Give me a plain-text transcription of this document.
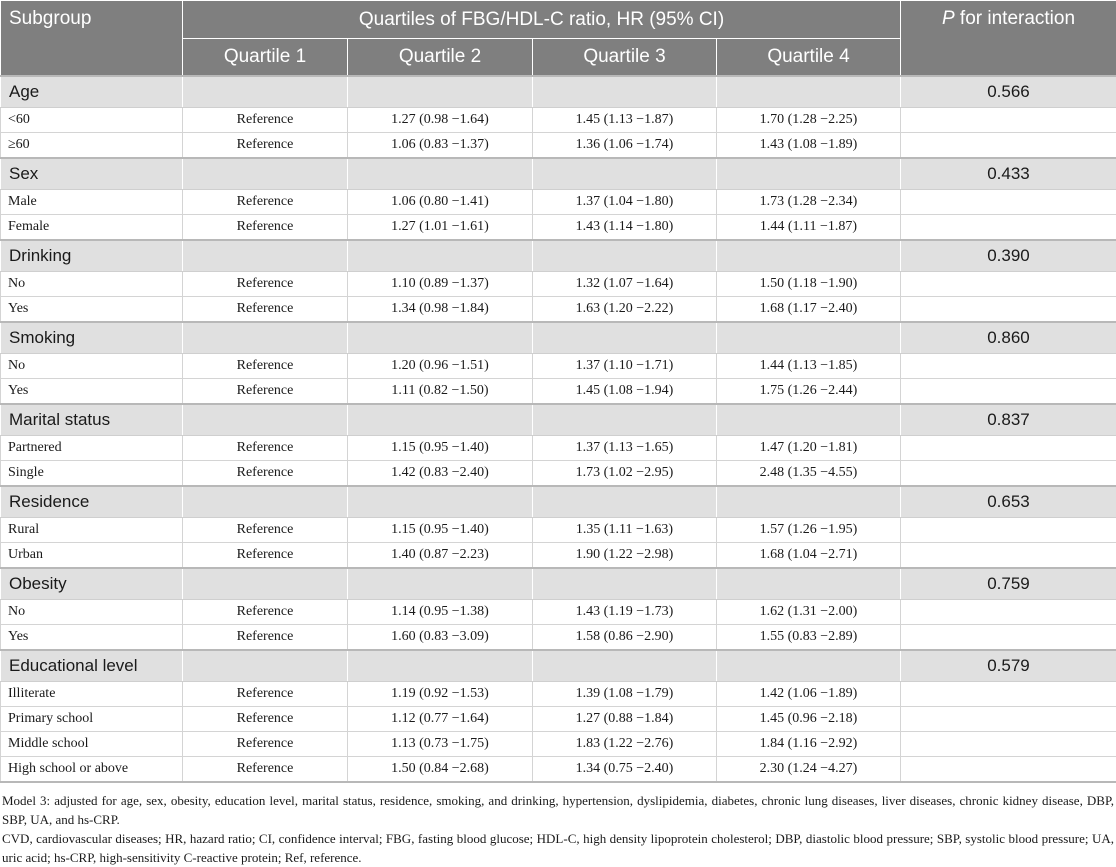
Subgroup	Quartiles of FBG/HDL-C ratio, HR (95% CI)				P for interaction
	Quartile 1	Quartile 2	Quartile 3	Quartile 4	
Age					0.566
<60	Reference	1.27 (0.98 −1.64)	1.45 (1.13 −1.87)	1.70 (1.28 −2.25)	
≥60	Reference	1.06 (0.83 −1.37)	1.36 (1.06 −1.74)	1.43 (1.08 −1.89)	
Sex					0.433
Male	Reference	1.06 (0.80 −1.41)	1.37 (1.04 −1.80)	1.73 (1.28 −2.34)	
Female	Reference	1.27 (1.01 −1.61)	1.43 (1.14 −1.80)	1.44 (1.11 −1.87)	
Drinking					0.390
No	Reference	1.10 (0.89 −1.37)	1.32 (1.07 −1.64)	1.50 (1.18 −1.90)	
Yes	Reference	1.34 (0.98 −1.84)	1.63 (1.20 −2.22)	1.68 (1.17 −2.40)	
Smoking					0.860
No	Reference	1.20 (0.96 −1.51)	1.37 (1.10 −1.71)	1.44 (1.13 −1.85)	
Yes	Reference	1.11 (0.82 −1.50)	1.45 (1.08 −1.94)	1.75 (1.26 −2.44)	
Marital status					0.837
Partnered	Reference	1.15 (0.95 −1.40)	1.37 (1.13 −1.65)	1.47 (1.20 −1.81)	
Single	Reference	1.42 (0.83 −2.40)	1.73 (1.02 −2.95)	2.48 (1.35 −4.55)	
Residence					0.653
Rural	Reference	1.15 (0.95 −1.40)	1.35 (1.11 −1.63)	1.57 (1.26 −1.95)	
Urban	Reference	1.40 (0.87 −2.23)	1.90 (1.22 −2.98)	1.68 (1.04 −2.71)	
Obesity					0.759
No	Reference	1.14 (0.95 −1.38)	1.43 (1.19 −1.73)	1.62 (1.31 −2.00)	
Yes	Reference	1.60 (0.83 −3.09)	1.58 (0.86 −2.90)	1.55 (0.83 −2.89)	
Educational level					0.579
Illiterate	Reference	1.19 (0.92 −1.53)	1.39 (1.08 −1.79)	1.42 (1.06 −1.89)	
Primary school	Reference	1.12 (0.77 −1.64)	1.27 (0.88 −1.84)	1.45 (0.96 −2.18)	
Middle school	Reference	1.13 (0.73 −1.75)	1.83 (1.22 −2.76)	1.84 (1.16 −2.92)	
High school or above	Reference	1.50 (0.84 −2.68)	1.34 (0.75 −2.40)	2.30 (1.24 −4.27)	

Model 3: adjusted for age, sex, obesity, education level, marital status, residence, smoking, and drinking, hypertension, dyslipidemia, diabetes, chronic lung diseases, liver diseases, chronic kidney disease, DBP, SBP, UA, and hs-CRP.

CVD, cardiovascular diseases; HR, hazard ratio; CI, confidence interval; FBG, fasting blood glucose; HDL-C, high density lipoprotein cholesterol; DBP, diastolic blood pressure; SBP, systolic blood pressure; UA, uric acid; hs-CRP, high-sensitivity C-reactive protein; Ref, reference.
